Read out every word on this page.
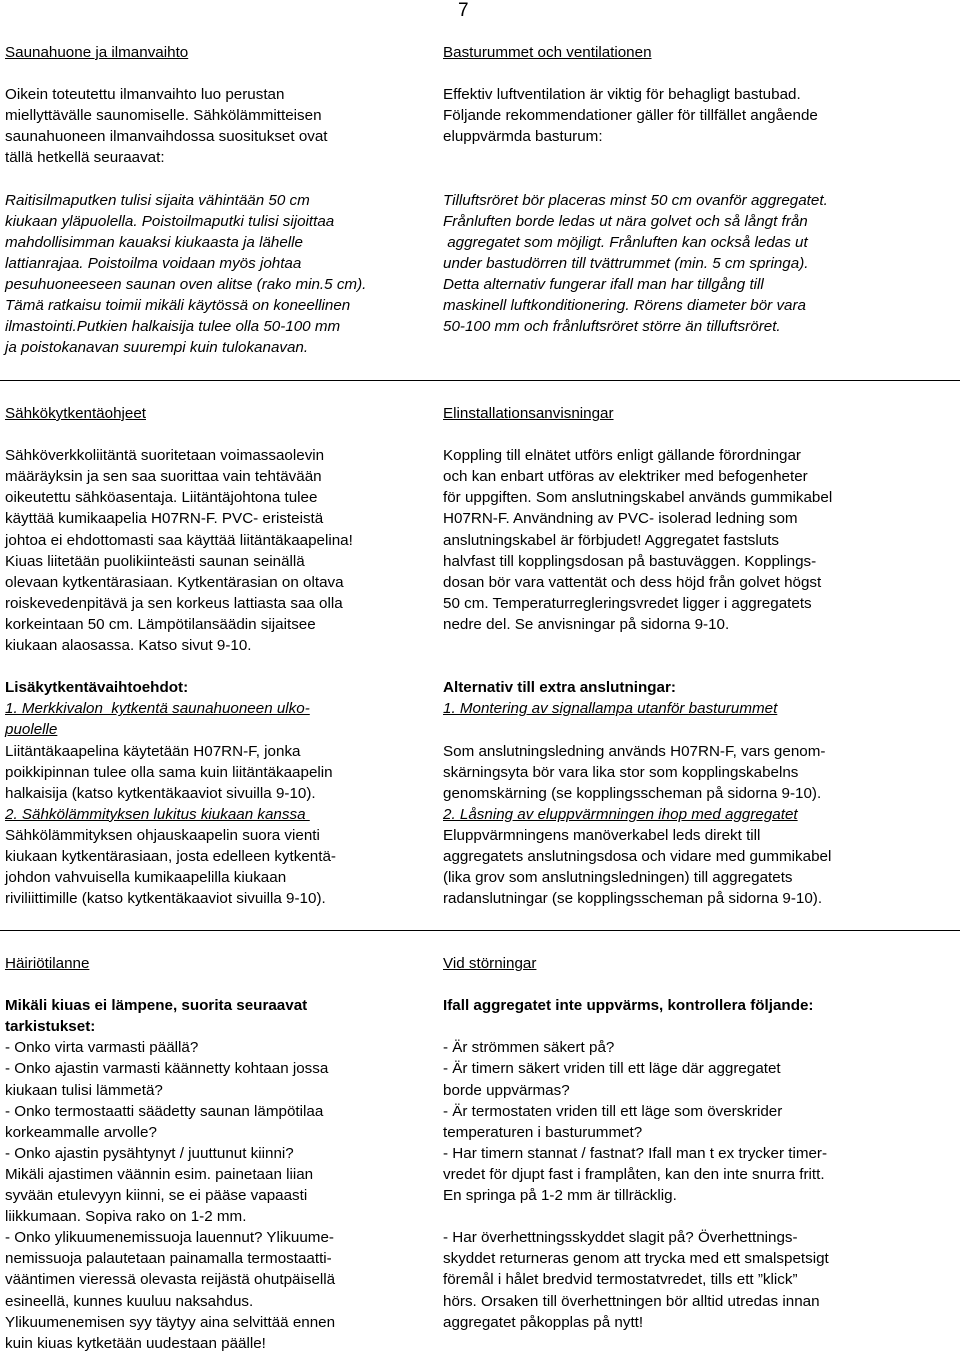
7
Saunahuone ja ilmanvaihto
Oikein toteutettu ilmanvaihto luo perustan
miellyttävälle saunomiselle. Sähkölämmitteisen
saunahuoneen ilmanvaihdossa suositukset ovat
tällä hetkellä seuraavat:
Raitisilmaputken tulisi sijaita vähintään 50 cm
kiukaan yläpuolella. Poistoilmaputki tulisi sijoittaa
mahdollisimman kauaksi kiukaasta ja lähelle
lattianrajaa. Poistoilma voidaan myös johtaa
pesuhuoneeseen saunan oven alitse (rako min.5 cm).
Tämä ratkaisu toimii mikäli käytössä on koneellinen
ilmastointi.Putkien halkaisija tulee olla 50-100 mm
ja poistokanavan suurempi kuin tulokanavan.
Basturummet och ventilationen
Effektiv luftventilation är viktig för behagligt bastubad.
Följande rekommendationer gäller för tillfället angående
eluppvärmda basturum:
Tilluftsröret bör placeras minst 50 cm ovanför aggregatet.
Frånluften borde ledas ut nära golvet och så långt från
aggregatet som möjligt. Frånluften kan också ledas ut
under bastudörren till tvättrummet (min. 5 cm springa).
Detta alternativ fungerar ifall man har tillgång till
maskinell luftkonditionering. Rörens diameter bör vara
50-100 mm och frånluftsröret större än tilluftsröret.
Sähkökytkentäohjeet
Sähköverkkoliitäntä suoritetaan voimassaolevin
määräyksin ja sen saa suorittaa vain tehtävään
oikeutettu sähköasentaja. Liitäntäjohtona tulee
käyttää kumikaapelia H07RN-F. PVC- eristeistä
johtoa ei ehdottomasti saa käyttää liitäntäkaapelina!
Kiuas liitetään puolikiinteästi saunan seinällä
olevaan kytkentärasiaan. Kytkentärasian on oltava
roiskevedenpitävä ja sen korkeus lattiasta saa olla
korkeintaan 50 cm. Lämpötilansäädin sijaitsee
kiukaan alaosassa. Katso sivut 9-10.
Lisäkytkentävaihtoehdot:
1. Merkkivalon  kytkentä saunahuoneen ulko-
puolelle
Liitäntäkaapelina käytetään H07RN-F, jonka
poikkipinnan tulee olla sama kuin liitäntäkaapelin
halkaisija (katso kytkentäkaaviot sivuilla 9-10).
2. Sähkölämmityksen lukitus kiukaan kanssa
Sähkölämmityksen ohjauskaapelin suora vienti
kiukaan kytkentärasiaan, josta edelleen kytkentä-
johdon vahvuisella kumikaapelilla kiukaan
riviliittimille (katso kytkentäkaaviot sivuilla 9-10).
Elinstallationsanvisningar
Koppling till elnätet utförs enligt gällande förordningar
och kan enbart utföras av elektriker med befogenheter
för uppgiften. Som anslutningskabel används gummikabel
H07RN-F. Användning av PVC- isolerad ledning som
anslutningskabel är förbjudet! Aggregatet fastsluts
halvfast till kopplingsdosan på bastuväggen. Kopplings-
dosan bör vara vattentät och dess höjd från golvet högst
50 cm. Temperaturregleringsvredet ligger i aggregatets
nedre del. Se anvisningar på sidorna 9-10.
Alternativ till extra anslutningar:
1. Montering av signallampa utanför basturummet
Som anslutningsledning används H07RN-F, vars genom-
skärningsyta bör vara lika stor som kopplingskabelns
genomskärning (se kopplingsscheman på sidorna 9-10).
2. Låsning av eluppvärmningen ihop med aggregatet
Eluppvärmningens manöverkabel leds direkt till
aggregatets anslutningsdosa och vidare med gummikabel
(lika grov som anslutningsledningen) till aggregatets
radanslutningar (se kopplingsscheman på sidorna 9-10).
Häiriötilanne
Mikäli kiuas ei lämpene, suorita seuraavat
tarkistukset:
- Onko virta varmasti päällä?
- Onko ajastin varmasti käännetty kohtaan jossa
kiukaan tulisi lämmetä?
- Onko termostaatti säädetty saunan lämpötilaa
korkeammalle arvolle?
- Onko ajastin pysähtynyt / juuttunut kiinni?
Mikäli ajastimen väännin esim. painetaan liian
syvään etulevyyn kiinni, se ei pääse vapaasti
liikkumaan. Sopiva rako on 1-2 mm.
- Onko ylikuumenemissuoja lauennut? Ylikuume-
nemissuoja palautetaan painamalla termostaatti-
vääntimen vieressä olevasta reijästä ohutpäisellä
esineellä, kunnes kuuluu naksahdus.
Ylikuumenemisen syy täytyy aina selvittää ennen
kuin kiuas kytketään uudestaan päälle!
Vid störningar
Ifall aggregatet inte uppvärms, kontrollera följande:
- Är strömmen säkert på?
- Är timern säkert vriden till ett läge där aggregatet
borde uppvärmas?
- Är termostaten vriden till ett läge som överskrider
temperaturen i basturummet?
- Har timern stannat / fastnat? Ifall man t ex trycker timer-
vredet för djupt fast i framplåten, kan den inte snurra fritt.
En springa på 1-2 mm är tillräcklig.
- Har överhettningsskyddet slagit på? Överhettnings-
skyddet returneras genom att trycka med ett smalspetsigt
föremål i hålet bredvid termostatvredet, tills ett ”klick”
hörs. Orsaken till överhettningen bör alltid utredas innan
aggregatet påkopplas på nytt!
